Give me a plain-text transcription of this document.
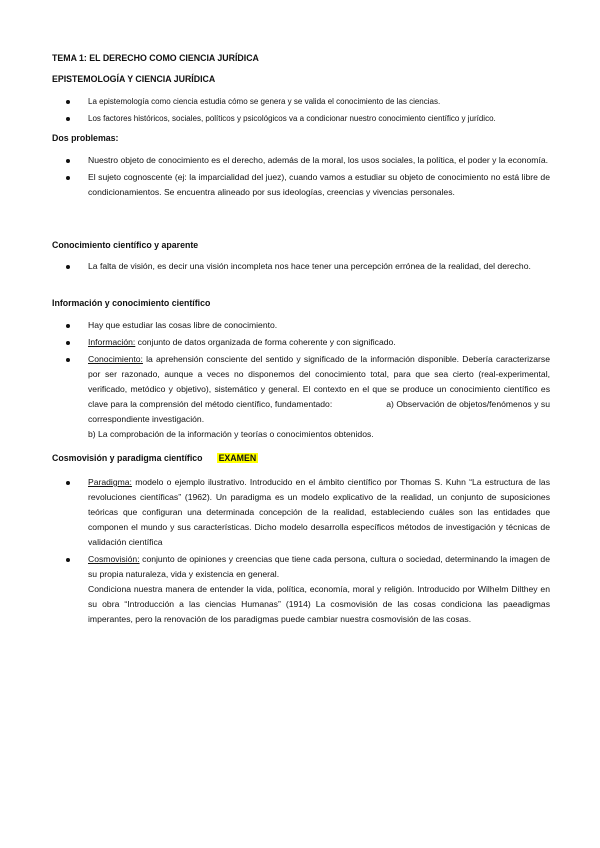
TEMA 1: EL DERECHO COMO CIENCIA JURÍDICA
EPISTEMOLOGÍA Y CIENCIA JURÍDICA
La epistemología como ciencia estudia cómo se genera y se valida el conocimiento de las ciencias.
Los factores históricos, sociales, políticos y psicológicos va a condicionar nuestro conocimiento científico y jurídico.
Dos problemas:
Nuestro objeto de conocimiento es el derecho, además de la moral, los usos sociales, la política, el poder y la economía.
El sujeto cognoscente (ej: la imparcialidad del juez), cuando vamos a estudiar su objeto de conocimiento no está libre de condicionamientos. Se encuentra alineado por sus ideologías, creencias y vivencias personales.
Conocimiento científico y aparente
La falta de visión, es decir una visión incompleta nos hace tener una percepción errónea de la realidad, del derecho.
Información y conocimiento científico
Hay que estudiar las cosas libre de conocimiento.
Información: conjunto de datos organizada de forma coherente y con significado.
Conocimiento: la aprehensión consciente del sentido y significado de la información disponible. Debería caracterizarse por ser razonado, aunque a veces no disponemos del conocimiento total, para que sea cierto (real-experimental, verificado, metódico y objetivo), sistemático y general. El contexto en el que se produce un conocimiento científico es clave para la comprensión del método científico, fundamentado:	a) Observación de objetos/fenómenos y su correspondiente investigación.
b) La comprobación de la información y teorías o conocimientos obtenidos.
Cosmovisión y paradigma científico EXAMEN
Paradigma: modelo o ejemplo ilustrativo. Introducido en el ámbito científico por Thomas S. Kuhn “La estructura de las revoluciones científicas” (1962). Un paradigma es un modelo explicativo de la realidad, un conjunto de suposiciones teóricas que configuran una determinada concepción de la realidad, estableciendo cuáles son las entidades que componen el mundo y sus características. Dicho modelo desarrolla específicos métodos de investigación y técnicas de validación científica
Cosmovisión: conjunto de opiniones y creencias que tiene cada persona, cultura o sociedad, determinando la imagen de su propia naturaleza, vida y existencia en general.
Condiciona nuestra manera de entender la vida, política, economía, moral y religión. Introducido por Wilhelm Dilthey en su obra “Introducción a las ciencias Humanas” (1914) La cosmovisión de las cosas condiciona las paeadigmas imperantes, pero la renovación de los paradigmas puede cambiar nuestra cosmovisión de las cosas.
